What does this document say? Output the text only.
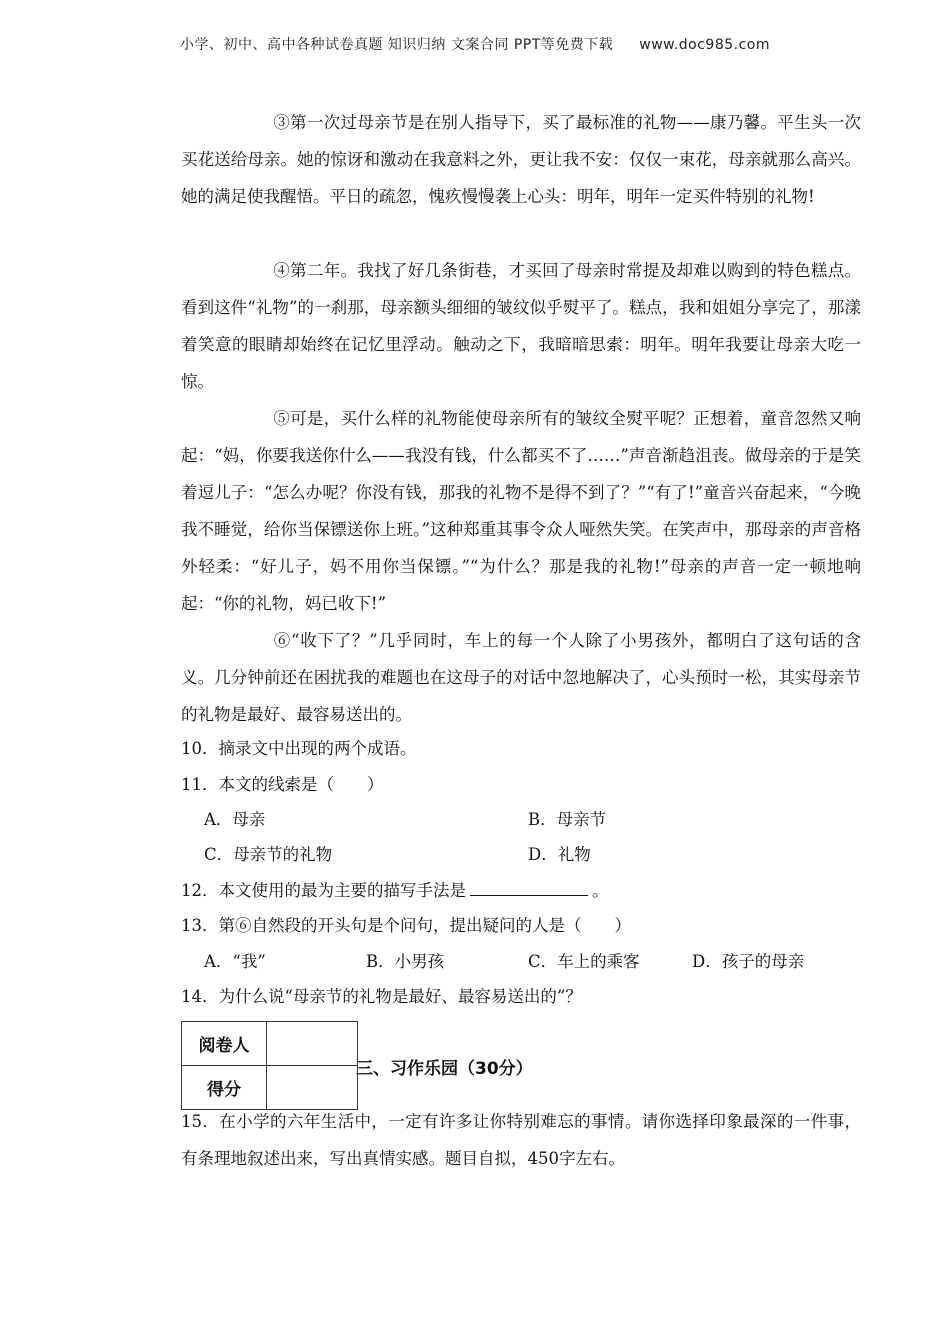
小学、初中、高中各种试卷真题 知识归纳 文案合同 PPT等免费下载 www.doc985.com
③第一次过母亲节是在别人指导下，买了最标准的礼物——康乃馨。平生头一次买花送给母亲。她的惊讶和激动在我意料之外，更让我不安：仅仅一束花，母亲就那么高兴。她的满足使我醒悟。平日的疏忽，愧疚慢慢袭上心头：明年，明年一定买件特别的礼物!
④第二年。我找了好几条街巷，才买回了母亲时常提及却难以购到的特色糕点。看到这件“礼物”的一刹那，母亲额头细细的皱纹似乎熨平了。糕点，我和姐姐分享完了，那漾着笑意的眼睛却始终在记忆里浮动。触动之下，我暗暗思索：明年。明年我要让母亲大吃一惊。
⑤可是，买什么样的礼物能使母亲所有的皱纹全熨平呢？正想着，童音忽然又响起：“妈，你要我送你什么——我没有钱，什么都买不了……”声音渐趋沮丧。做母亲的于是笑着逗儿子：“怎么办呢？你没有钱，那我的礼物不是得不到了？”“有了!”童音兴奋起来，“今晚我不睡觉，给你当保镖送你上班。”这种郑重其事令众人哑然失笑。在笑声中，那母亲的声音格外轻柔：“好儿子，妈不用你当保镖。”“为什么？那是我的礼物!”母亲的声音一定一顿地响起：“你的礼物，妈已收下!”
⑥“收下了？”几乎同时，车上的每一个人除了小男孩外，都明白了这句话的含义。几分钟前还在困扰我的难题也在这母子的对话中忽地解决了，心头预时一松，其实母亲节的礼物是最好、最容易送出的。
10．摘录文中出现的两个成语。
11．本文的线索是（　　）
A．母亲	B．母亲节
C．母亲节的礼物	D．礼物
12．本文使用的最为主要的描写手法是	。
13．第⑥自然段的开头句是个问句，提出疑问的人是（　　）
A．“我”	B．小男孩	C．车上的乘客	D．孩子的母亲
14．为什么说“母亲节的礼物是最好、最容易送出的”？
阅卷人	
得分	
三、习作乐园（30分）
15．在小学的六年生活中，一定有许多让你特别难忘的事情。请你选择印象最深的一件事，有条理地叙述出来，写出真情实感。题目自拟，450字左右。
